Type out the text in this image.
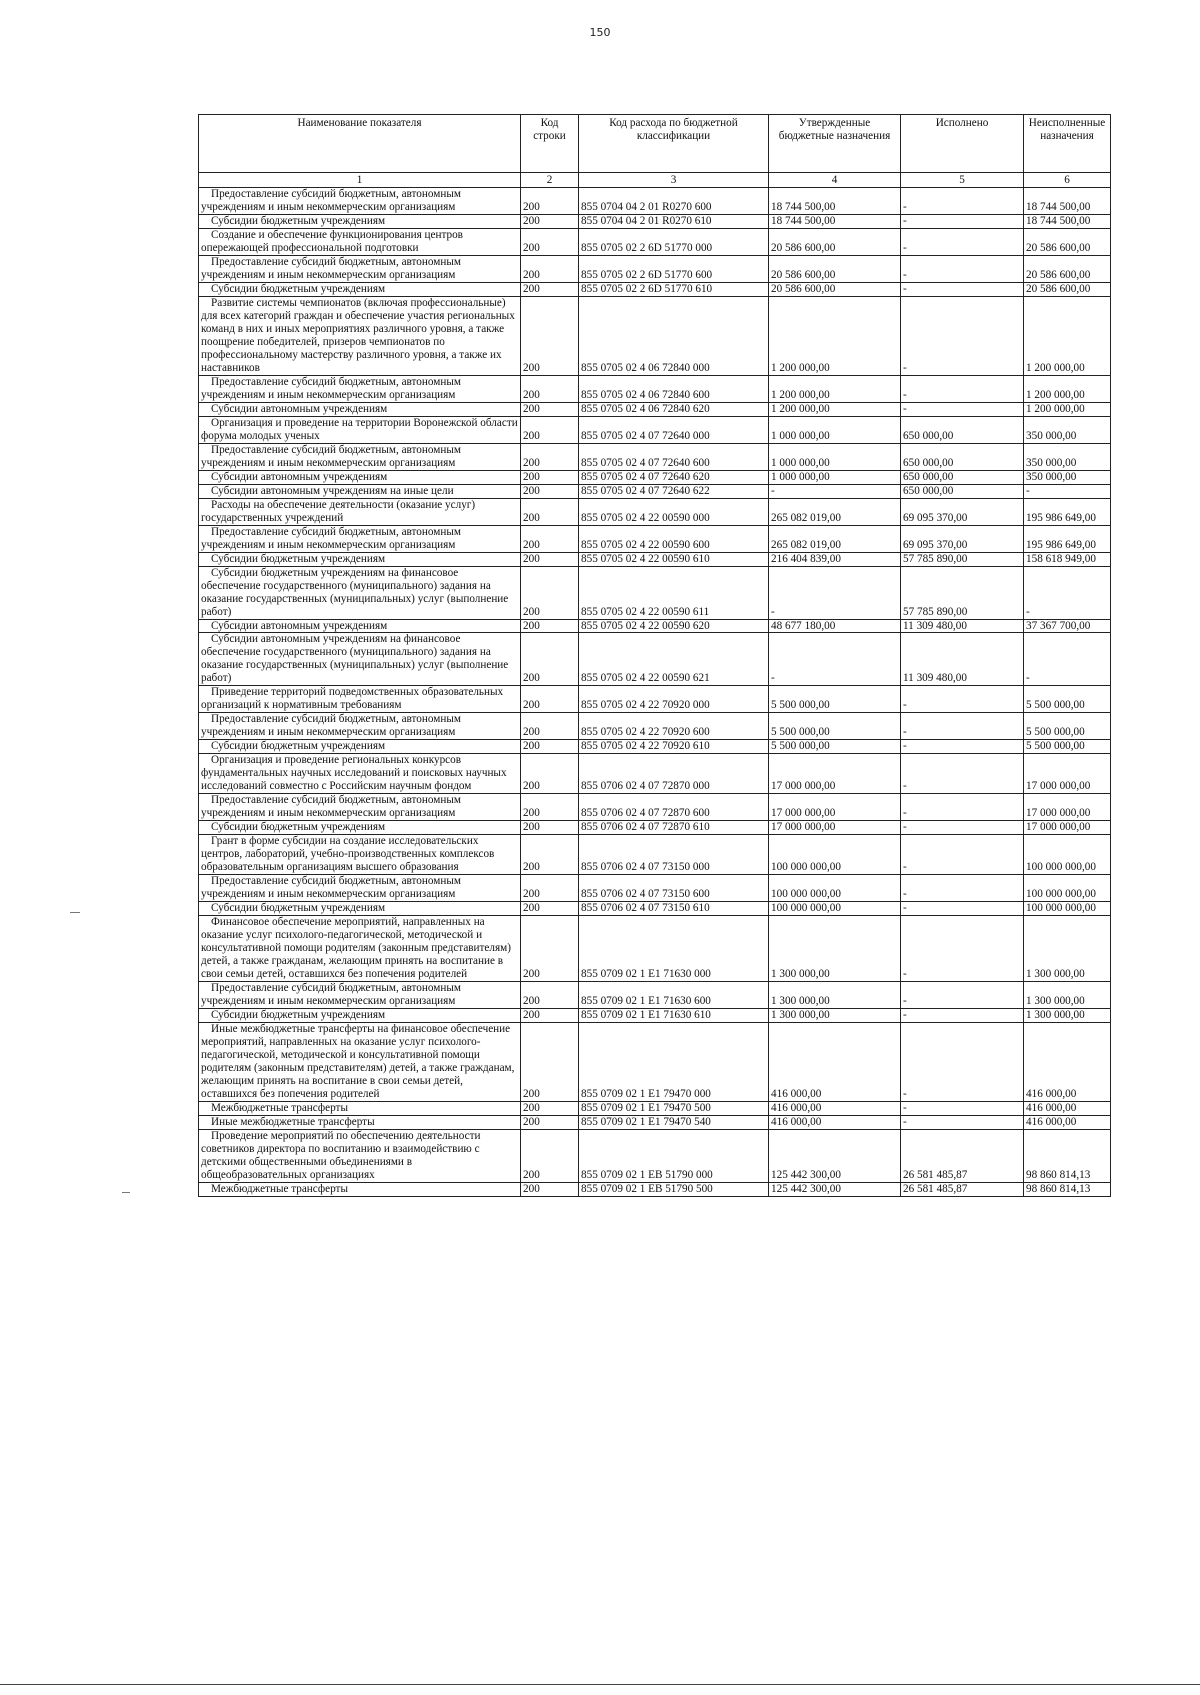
150
Наименование показателя	Код строки	Код расхода по бюджетной классификации	Утвержденные бюджетные назначения	Исполнено	Неисполненные назначения
1	2	3	4	5	6
Предоставление субсидий бюджетным, автономным учреждениям и иным некоммерческим организациям	200	855 0704 04 2 01 R0270 600	18 744 500,00	-	18 744 500,00
Субсидии бюджетным учреждениям	200	855 0704 04 2 01 R0270 610	18 744 500,00	-	18 744 500,00
Создание и обеспечение функционирования центров опережающей профессиональной подготовки	200	855 0705 02 2 6D 51770 000	20 586 600,00	-	20 586 600,00
Предоставление субсидий бюджетным, автономным учреждениям и иным некоммерческим организациям	200	855 0705 02 2 6D 51770 600	20 586 600,00	-	20 586 600,00
Субсидии бюджетным учреждениям	200	855 0705 02 2 6D 51770 610	20 586 600,00	-	20 586 600,00
Развитие системы чемпионатов (включая профессиональные) для всех категорий граждан и обеспечение участия региональных команд в них и иных мероприятиях различного уровня, а также поощрение победителей, призеров чемпионатов по профессиональному мастерству различного уровня, а также их наставников	200	855 0705 02 4 06 72840 000	1 200 000,00	-	1 200 000,00
Предоставление субсидий бюджетным, автономным учреждениям и иным некоммерческим организациям	200	855 0705 02 4 06 72840 600	1 200 000,00	-	1 200 000,00
Субсидии автономным учреждениям	200	855 0705 02 4 06 72840 620	1 200 000,00	-	1 200 000,00
Организация и проведение на территории Воронежской области форума молодых ученых	200	855 0705 02 4 07 72640 000	1 000 000,00	650 000,00	350 000,00
Предоставление субсидий бюджетным, автономным учреждениям и иным некоммерческим организациям	200	855 0705 02 4 07 72640 600	1 000 000,00	650 000,00	350 000,00
Субсидии автономным учреждениям	200	855 0705 02 4 07 72640 620	1 000 000,00	650 000,00	350 000,00
Субсидии автономным учреждениям на иные цели	200	855 0705 02 4 07 72640 622	-	650 000,00	-
Расходы на обеспечение деятельности (оказание услуг) государственных учреждений	200	855 0705 02 4 22 00590 000	265 082 019,00	69 095 370,00	195 986 649,00
Предоставление субсидий бюджетным, автономным учреждениям и иным некоммерческим организациям	200	855 0705 02 4 22 00590 600	265 082 019,00	69 095 370,00	195 986 649,00
Субсидии бюджетным учреждениям	200	855 0705 02 4 22 00590 610	216 404 839,00	57 785 890,00	158 618 949,00
Субсидии бюджетным учреждениям на финансовое обеспечение государственного (муниципального) задания на оказание государственных (муниципальных) услуг (выполнение работ)	200	855 0705 02 4 22 00590 611	-	57 785 890,00	-
Субсидии автономным учреждениям	200	855 0705 02 4 22 00590 620	48 677 180,00	11 309 480,00	37 367 700,00
Субсидии автономным учреждениям на финансовое обеспечение государственного (муниципального) задания на оказание государственных (муниципальных) услуг (выполнение работ)	200	855 0705 02 4 22 00590 621	-	11 309 480,00	-
Приведение территорий подведомственных образовательных организаций к нормативным требованиям	200	855 0705 02 4 22 70920 000	5 500 000,00	-	5 500 000,00
Предоставление субсидий бюджетным, автономным учреждениям и иным некоммерческим организациям	200	855 0705 02 4 22 70920 600	5 500 000,00	-	5 500 000,00
Субсидии бюджетным учреждениям	200	855 0705 02 4 22 70920 610	5 500 000,00	-	5 500 000,00
Организация и проведение региональных конкурсов фундаментальных научных исследований и поисковых научных исследований совместно с Российским научным фондом	200	855 0706 02 4 07 72870 000	17 000 000,00	-	17 000 000,00
Предоставление субсидий бюджетным, автономным учреждениям и иным некоммерческим организациям	200	855 0706 02 4 07 72870 600	17 000 000,00	-	17 000 000,00
Субсидии бюджетным учреждениям	200	855 0706 02 4 07 72870 610	17 000 000,00	-	17 000 000,00
Грант в форме субсидии на создание исследовательских центров, лабораторий, учебно-производственных комплексов образовательным организациям высшего образования	200	855 0706 02 4 07 73150 000	100 000 000,00	-	100 000 000,00
Предоставление субсидий бюджетным, автономным учреждениям и иным некоммерческим организациям	200	855 0706 02 4 07 73150 600	100 000 000,00	-	100 000 000,00
Субсидии бюджетным учреждениям	200	855 0706 02 4 07 73150 610	100 000 000,00	-	100 000 000,00
Финансовое обеспечение мероприятий, направленных на оказание услуг психолого-педагогической, методической и консультативной помощи родителям (законным представителям) детей, а также гражданам, желающим принять на воспитание в свои семьи детей, оставшихся без попечения родителей	200	855 0709 02 1 E1 71630 000	1 300 000,00	-	1 300 000,00
Предоставление субсидий бюджетным, автономным учреждениям и иным некоммерческим организациям	200	855 0709 02 1 E1 71630 600	1 300 000,00	-	1 300 000,00
Субсидии бюджетным учреждениям	200	855 0709 02 1 E1 71630 610	1 300 000,00	-	1 300 000,00
Иные межбюджетные трансферты на финансовое обеспечение мероприятий, направленных на оказание услуг психолого-педагогической, методической и консультативной помощи родителям (законным представителям) детей, а также гражданам, желающим принять на воспитание в свои семьи детей, оставшихся без попечения родителей	200	855 0709 02 1 E1 79470 000	416 000,00	-	416 000,00
Межбюджетные трансферты	200	855 0709 02 1 E1 79470 500	416 000,00	-	416 000,00
Иные межбюджетные трансферты	200	855 0709 02 1 E1 79470 540	416 000,00	-	416 000,00
Проведение мероприятий по обеспечению деятельности советников директора по воспитанию и взаимодействию с детскими общественными объединениями в общеобразовательных организациях	200	855 0709 02 1 EB 51790 000	125 442 300,00	26 581 485,87	98 860 814,13
Межбюджетные трансферты	200	855 0709 02 1 EB 51790 500	125 442 300,00	26 581 485,87	98 860 814,13
